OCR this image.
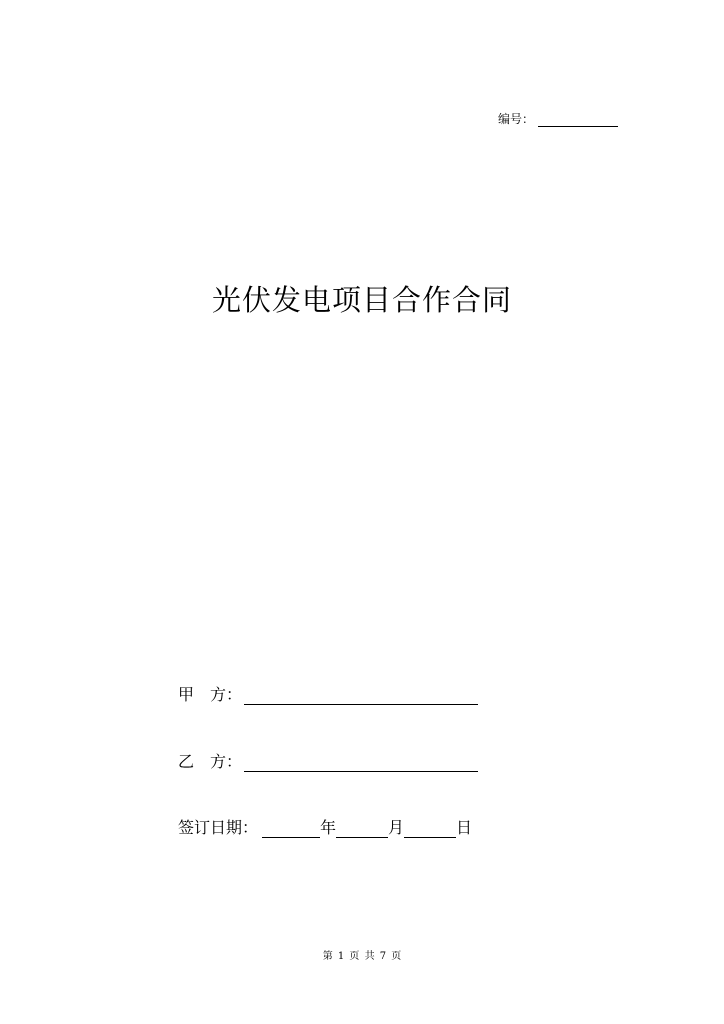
编号：
光伏发电项目合作合同
甲　方：
乙　方：
签订日期：	年	月	日
第 1 页 共 7 页
